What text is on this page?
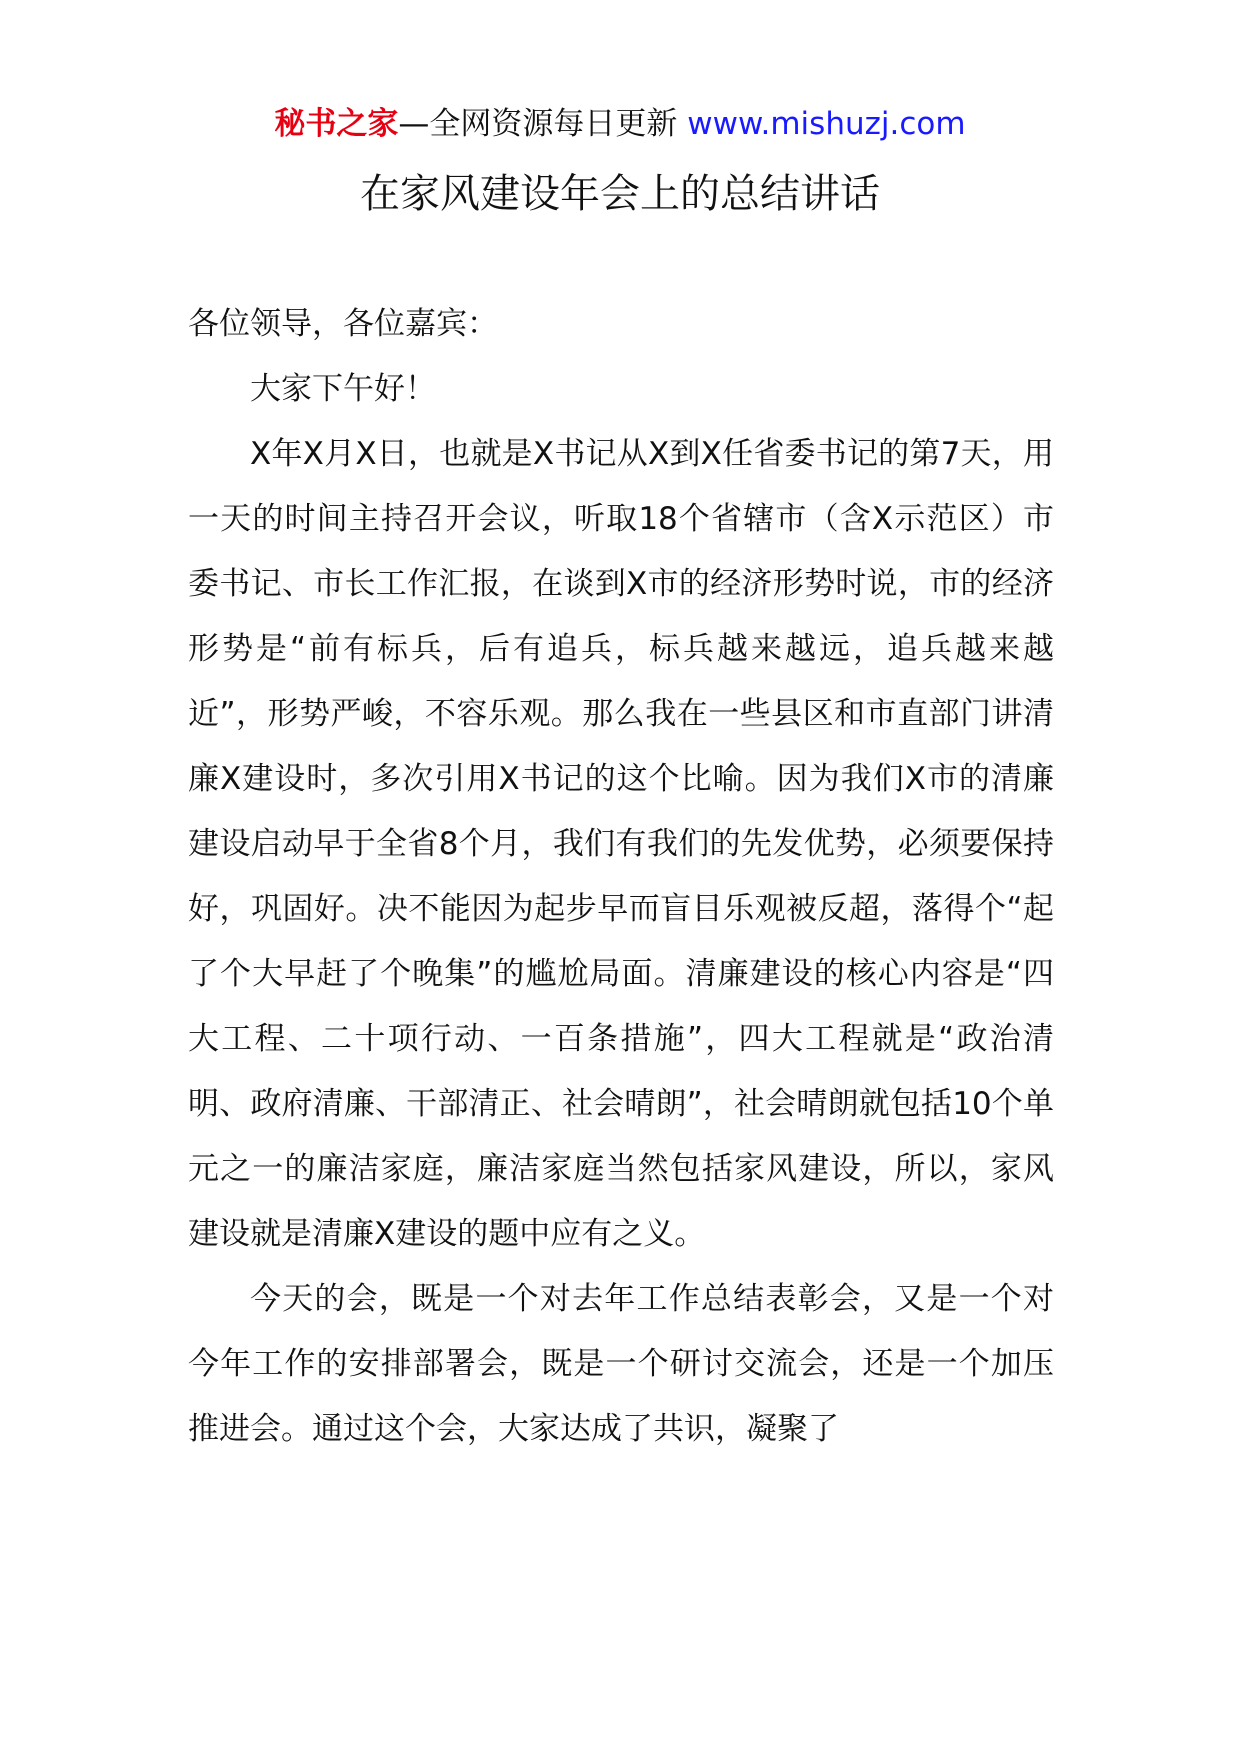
秘书之家—全网资源每日更新 www.mishuzj.com
在家风建设年会上的总结讲话

各位领导，各位嘉宾：

大家下午好！

X年X月X日，也就是X书记从X到X任省委书记的第7天，用一天的时间主持召开会议，听取18个省辖市（含X示范区）市委书记、市长工作汇报，在谈到X市的经济形势时说，市的经济形势是“前有标兵，后有追兵，标兵越来越远，追兵越来越近”，形势严峻，不容乐观。那么我在一些县区和市直部门讲清廉X建设时，多次引用X书记的这个比喻。因为我们X市的清廉建设启动早于全省8个月，我们有我们的先发优势，必须要保持好，巩固好。决不能因为起步早而盲目乐观被反超，落得个“起了个大早赶了个晚集”的尴尬局面。清廉建设的核心内容是“四大工程、二十项行动、一百条措施”，四大工程就是“政治清明、政府清廉、干部清正、社会晴朗”，社会晴朗就包括10个单元之一的廉洁家庭，廉洁家庭当然包括家风建设，所以，家风建设就是清廉X建设的题中应有之义。

今天的会，既是一个对去年工作总结表彰会，又是一个对今年工作的安排部署会，既是一个研讨交流会，还是一个加压推进会。通过这个会，大家达成了共识，凝聚了
